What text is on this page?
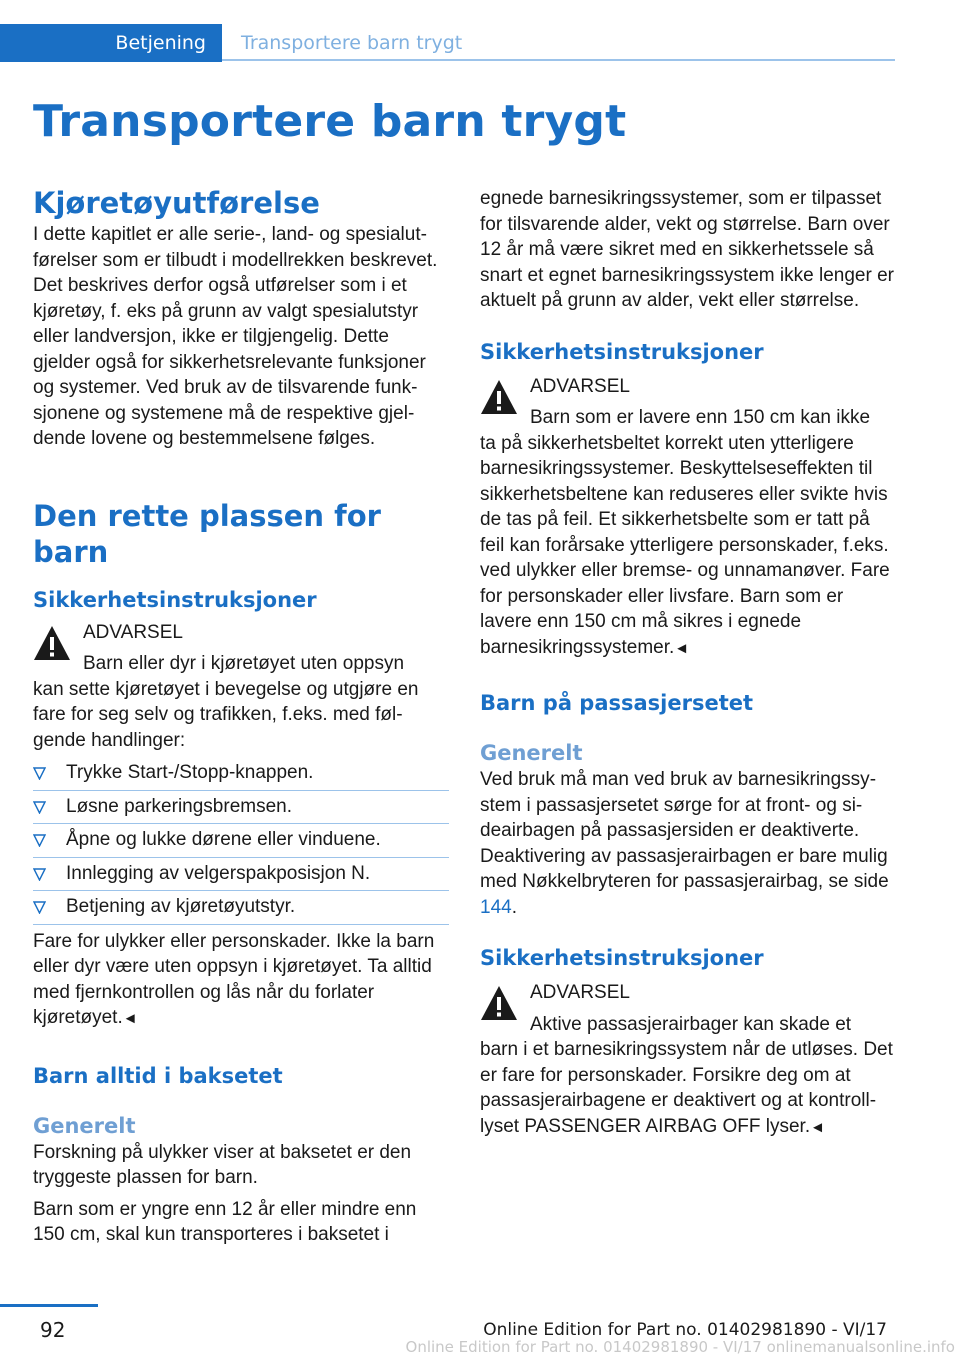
Betjening Transportere barn trygt
Transportere barn trygt
Kjøretøyutførelse

I dette kapitlet er alle serie-, land- og spesialutførelser som er tilbudt i modellrekken beskrevet. Det beskrives derfor også utførelser som i et kjøretøy, f. eks på grunn av valgt spesialutstyr eller landversjon, ikke er tilgjengelig. Dette gjelder også for sikkerhetsrelevante funksjoner og systemer. Ved bruk av de tilsvarende funksjonene og systemene må de respektive gjeldende lovene og bestemmelsene følges.

Den rette plassen for barn
Sikkerhetsinstruksjoner
ADVARSEL
Barn eller dyr i kjøretøyet uten oppsyn
kan sette kjøretøyet i bevegelse og utgjøre en fare for seg selv og trafikken, f.eks. med følgende handlinger:
Trykke Start-/Stopp-knappen.
Løsne parkeringsbremsen.
Åpne og lukke dørene eller vinduene.
Innlegging av velgerspakposisjon N.
Betjening av kjøretøyutstyr.

Fare for ulykker eller personskader. Ikke la barn eller dyr være uten oppsyn i kjøretøyet. Ta alltid med fjernkontrollen og lås når du forlater kjøretøyet.◄

Barn alltid i baksetet
Generelt

Forskning på ulykker viser at baksetet er den tryggeste plassen for barn.

Barn som er yngre enn 12 år eller mindre enn 150 cm, skal kun transporteres i baksetet i

egnede barnesikringssystemer, som er tilpasset for tilsvarende alder, vekt og størrelse. Barn over 12 år må være sikret med en sikkerhetssele så snart et egnet barnesikringssystem ikke lenger er aktuelt på grunn av alder, vekt eller størrelse.

Sikkerhetsinstruksjoner
ADVARSEL
Barn som er lavere enn 150 cm kan ikke
ta på sikkerhetsbeltet korrekt uten ytterligere barnesikringssystemer. Beskyttelseseffekten til sikkerhetsbeltene kan reduseres eller svikte hvis de tas på feil. Et sikkerhetsbelte som er tatt på feil kan forårsake ytterligere personskader, f.eks. ved ulykker eller bremse- og unnamanøver. Fare for personskader eller livsfare. Barn som er lavere enn 150 cm må sikres i egnede barnesikringssystemer.◄
Barn på passasjersetet
Generelt

Ved bruk må man ved bruk av barnesikringssystem i passasjersetet sørge for at front- og sideairbagen på passasjersiden er deaktiverte. Deaktivering av passasjerairbagen er bare mulig med Nøkkelbryteren for passasjerairbag, se side 144.

Sikkerhetsinstruksjoner
ADVARSEL
Aktive passasjerairbager kan skade et
barn i et barnesikringssystem når de utløses. Det er fare for personskader. Forsikre deg om at passasjerairbagene er deaktivert og at kontroll-lyset PASSENGER AIRBAG OFF lyser.◄
92	Online Edition for Part no. 01402981890 - VI/17
Online Edition for Part no. 01402981890 - VI/17 onlinemanualsonline.info
